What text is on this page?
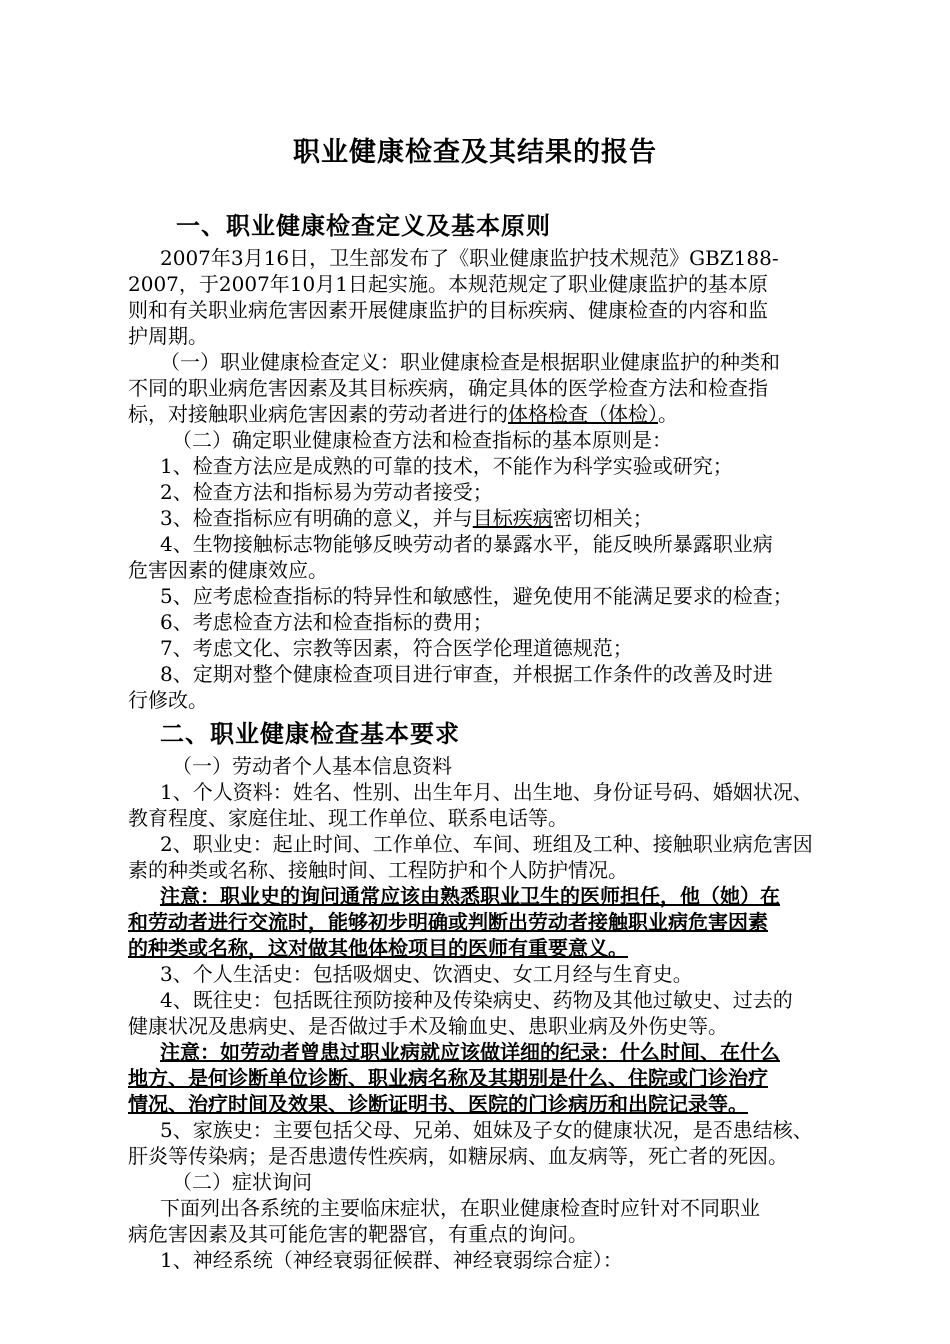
职业健康检查及其结果的报告
一、职业健康检查定义及基本原则
2007年3月16日，卫生部发布了《职业健康监护技术规范》GBZ188-
2007，于2007年10月1日起实施。本规范规定了职业健康监护的基本原
则和有关职业病危害因素开展健康监护的目标疾病、健康检查的内容和监
护周期。
（一）职业健康检查定义：职业健康检查是根据职业健康监护的种类和
不同的职业病危害因素及其目标疾病，确定具体的医学检查方法和检查指
标，对接触职业病危害因素的劳动者进行的体格检查（体检）。
（二）确定职业健康检查方法和检查指标的基本原则是：
1、检查方法应是成熟的可靠的技术，不能作为科学实验或研究；
2、检查方法和指标易为劳动者接受；
3、检查指标应有明确的意义，并与目标疾病密切相关；
4、生物接触标志物能够反映劳动者的暴露水平，能反映所暴露职业病
危害因素的健康效应。
5、应考虑检查指标的特异性和敏感性，避免使用不能满足要求的检查；
6、考虑检查方法和检查指标的费用；
7、考虑文化、宗教等因素，符合医学伦理道德规范；
8、定期对整个健康检查项目进行审查，并根据工作条件的改善及时进
行修改。
二、职业健康检查基本要求
（一）劳动者个人基本信息资料
1、个人资料：姓名、性别、出生年月、出生地、身份证号码、婚姻状况、
教育程度、家庭住址、现工作单位、联系电话等。
2、职业史：起止时间、工作单位、车间、班组及工种、接触职业病危害因
素的种类或名称、接触时间、工程防护和个人防护情况。
注意：职业史的询问通常应该由熟悉职业卫生的医师担任，他（她）在
和劳动者进行交流时，能够初步明确或判断出劳动者接触职业病危害因素
的种类或名称，这对做其他体检项目的医师有重要意义。
3、个人生活史：包括吸烟史、饮酒史、女工月经与生育史。
4、既往史：包括既往预防接种及传染病史、药物及其他过敏史、过去的
健康状况及患病史、是否做过手术及输血史、患职业病及外伤史等。
注意：如劳动者曾患过职业病就应该做详细的纪录：什么时间、在什么
地方、是何诊断单位诊断、职业病名称及其期别是什么、住院或门诊治疗
情况、治疗时间及效果、诊断证明书、医院的门诊病历和出院记录等。
5、家族史：主要包括父母、兄弟、姐妹及子女的健康状况，是否患结核、
肝炎等传染病；是否患遗传性疾病，如糖尿病、血友病等，死亡者的死因。
（二）症状询问
下面列出各系统的主要临床症状，在职业健康检查时应针对不同职业
病危害因素及其可能危害的靶器官，有重点的询问。
1、神经系统（神经衰弱征候群、神经衰弱综合症）：
